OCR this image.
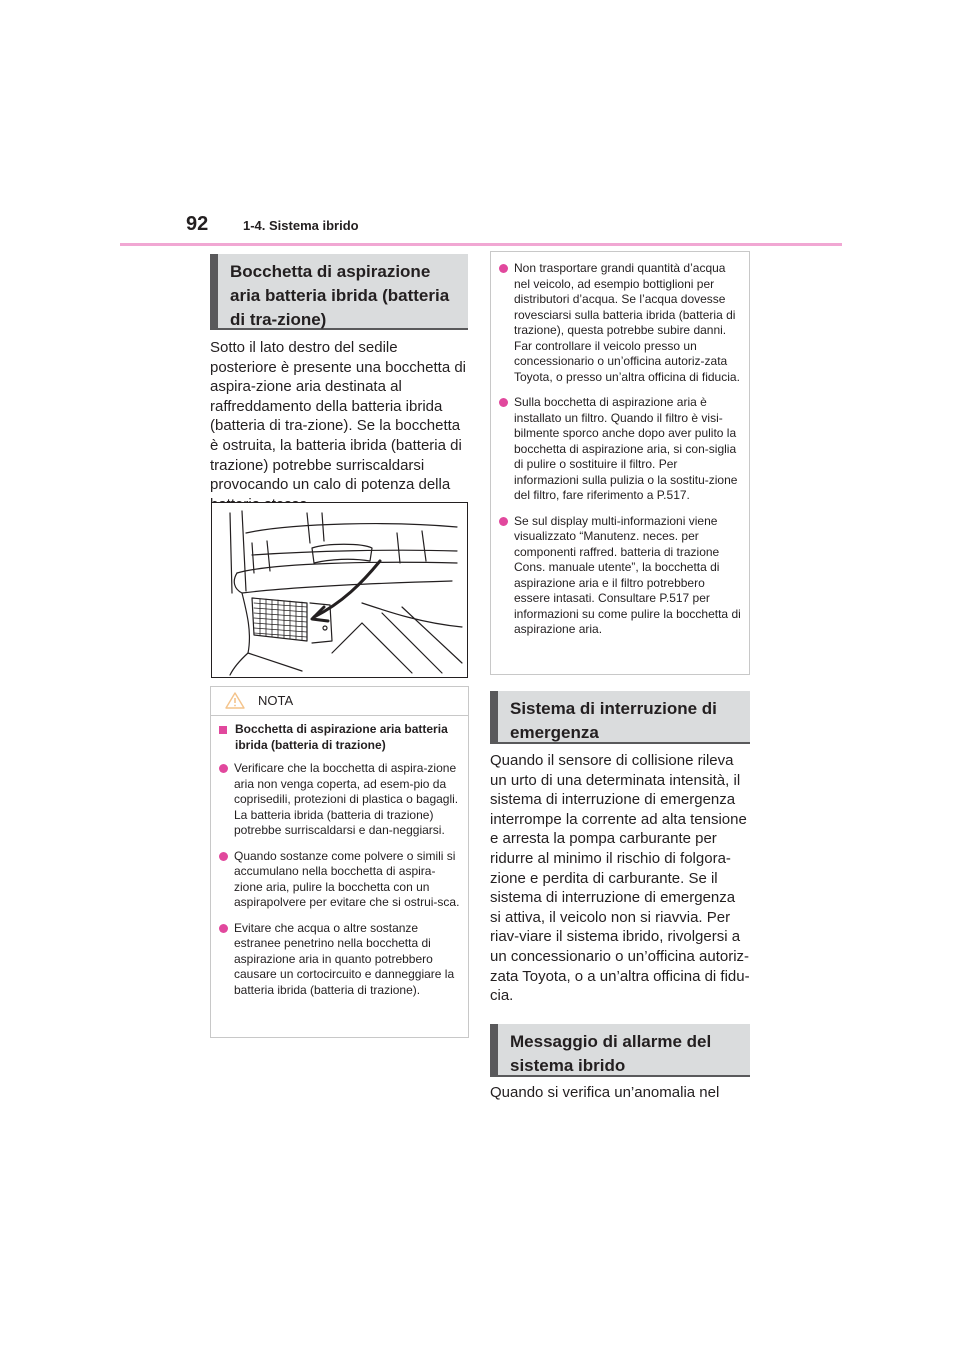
92	1-4. Sistema ibrido
Bocchetta di aspirazione aria batteria ibrida (batteria di tra-zione)

Sotto il lato destro del sedile posteriore è presente una bocchetta di aspira-zione aria destinata al raffreddamento della batteria ibrida (batteria di tra-zione). Se la bocchetta è ostruita, la batteria ibrida (batteria di trazione) potrebbe surriscaldarsi provocando un calo di potenza della

NOTA
Bocchetta di aspirazione aria batteria ibrida (batteria di trazione)
Verificare che la bocchetta di aspira-zione aria non venga coperta, ad esem-pio da coprisedili, protezioni di plastica o bagagli. La batteria ibrida (batteria di trazione) potrebbe surriscaldarsi e dan-neggiarsi.
Quando sostanze come polvere o simili si accumulano nella bocchetta di aspira-zione aria, pulire la bocchetta con un aspirapolvere per evitare che si ostrui-sca.
Evitare che acqua o altre sostanze estranee penetrino nella bocchetta di aspirazione aria in quanto potrebbero causare un cortocircuito e danneggiare la batteria ibrida (batteria di trazione).
Non trasportare grandi quantità d’acqua nel veicolo, ad esempio bottiglioni per distributori d’acqua. Se l’acqua dovesse rovesciarsi sulla batteria ibrida (batteria di trazione), questa potrebbe subire danni. Far controllare il veicolo presso un concessionario o un’officina autoriz-zata Toyota, o presso un’altra officina di fiducia.
Sulla bocchetta di aspirazione aria è installato un filtro. Quando il filtro è visi-bilmente sporco anche dopo aver pulito la bocchetta di aspirazione aria, si con-siglia di pulire o sostituire il filtro. Per informazioni sulla pulizia o la sostitu-zione del filtro, fare riferimento a P.517.
Se sul display multi-informazioni viene visualizzato “Manutenz. neces. per componenti raffred. batteria di trazione Cons. manuale utente”, la bocchetta di aspirazione aria e il filtro potrebbero essere intasati. Consultare P.517 per informazioni su come pulire la bocchetta di aspirazione aria.
Sistema di interruzione di emergenza

Quando il sensore di collisione rileva un urto di una determinata intensità, il sistema di interruzione di emergenza interrompe la corrente ad alta tensione e arresta la pompa carburante per ridurre al minimo il rischio di folgora-zione e perdita di carburante. Se il sistema di interruzione di emergenza si attiva, il veicolo non si riavvia. Per riav-viare il sistema ibrido, rivolgersi a un concessionario o un’officina autoriz-zata Toyota, o a un’altra officina di fidu-cia.

Messaggio di allarme del sistema ibrido

Quando si verifica un’anomalia nel
